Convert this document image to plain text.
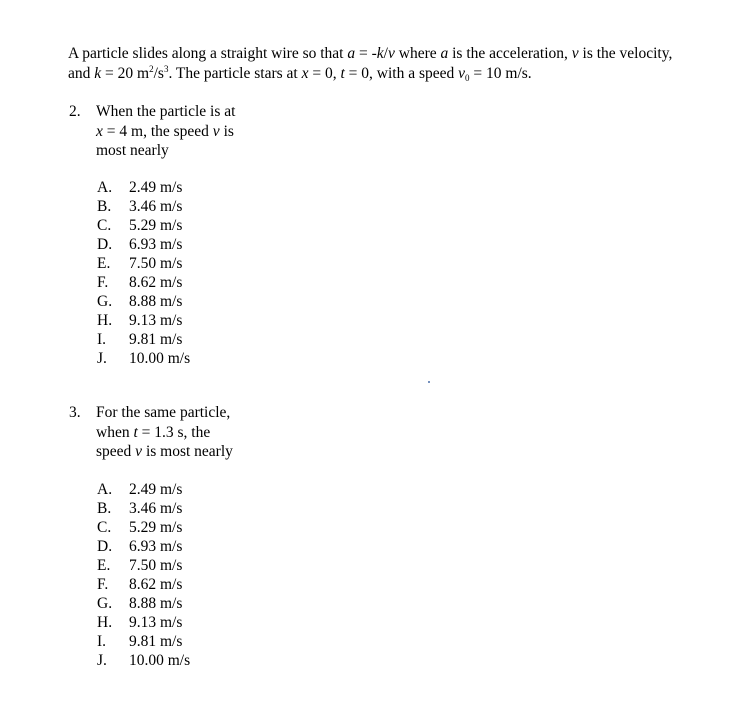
A particle slides along a straight wire so that a = -k/v where a is the acceleration, v is the velocity,

and k = 20 $m^2/s^3$. The particle stars at x = 0, t = 0, with a speed $v_0 = 10$ m/s.

2. When the particle is at
x = 4 m, the speed v is
most nearly
A. 2.49 m/s
B. 3.46 m/s
C. 5.29 m/s
D. 6.93 m/s
E. 7.50 m/s
F. 8.62 m/s
G. 8.88 m/s
H. 9.13 m/s
I. 9.81 m/s
J. 10.00 m/s
3. For the same particle,
when t = 1.3 s, the
speed v is most nearly
A. 2.49 m/s
B. 3.46 m/s
C. 5.29 m/s
D. 6.93 m/s
E. 7.50 m/s
F. 8.62 m/s
G. 8.88 m/s
H. 9.13 m/s
I. 9.81 m/s
J. 10.00 m/s
